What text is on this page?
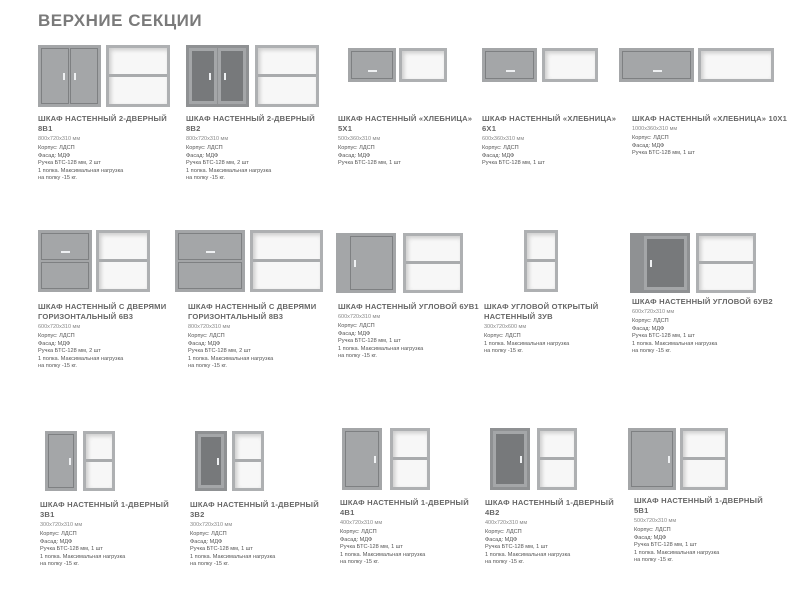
ВЕРХНИЕ СЕКЦИИ
ШКАФ НАСТЕННЫЙ 2-ДВЕРНЫЙ 8В1
800х720х310 мм
Корпус: ЛДСП
Фасад: МДФ
Ручка БТС-128 мм, 2 шт
1 полка. Максимальная нагрузка
на полку -15 кг.
ШКАФ НАСТЕННЫЙ 2-ДВЕРНЫЙ 8В2
800х720х310 мм
Корпус: ЛДСП
Фасад: МДФ
Ручка БТС-128 мм, 2 шт
1 полка. Максимальная нагрузка
на полку -15 кг.
ШКАФ НАСТЕННЫЙ «ХЛЕБНИЦА» 5Х1
500х360х310 мм
Корпус: ЛДСП
Фасад: МДФ
Ручка БТС-128 мм, 1 шт
ШКАФ НАСТЕННЫЙ «ХЛЕБНИЦА» 6Х1
600х360х310 мм
Корпус: ЛДСП
Фасад: МДФ
Ручка БТС-128 мм, 1 шт
ШКАФ НАСТЕННЫЙ «ХЛЕБНИЦА» 10Х1
1000х360х310 мм
Корпус: ЛДСП
Фасад: МДФ
Ручка БТС-128 мм, 1 шт
ШКАФ НАСТЕННЫЙ С ДВЕРЯМИ ГОРИЗОНТАЛЬНЫЙ 6В3
600х720х310 мм
Корпус: ЛДСП
Фасад: МДФ
Ручка БТС-128 мм, 2 шт
1 полка. Максимальная нагрузка
на полку -15 кг.
ШКАФ НАСТЕННЫЙ С ДВЕРЯМИ ГОРИЗОНТАЛЬНЫЙ 8В3
800х720х310 мм
Корпус: ЛДСП
Фасад: МДФ
Ручка БТС-128 мм, 2 шт
1 полка. Максимальная нагрузка
на полку -15 кг.
ШКАФ НАСТЕННЫЙ УГЛОВОЙ 6УВ1
600х720х310 мм
Корпус: ЛДСП
Фасад: МДФ
Ручка БТС-128 мм, 1 шт
1 полка. Максимальная нагрузка
на полку -15 кг.
ШКАФ УГЛОВОЙ ОТКРЫТЫЙ НАСТЕННЫЙ 3УВ
300х720х600 мм
Корпус: ЛДСП
1 полка. Максимальная нагрузка
на полку -15 кг.
ШКАФ НАСТЕННЫЙ УГЛОВОЙ 6УВ2
600х720х310 мм
Корпус: ЛДСП
Фасад: МДФ
Ручка БТС-128 мм, 1 шт
1 полка. Максимальная нагрузка
на полку -15 кг.
ШКАФ НАСТЕННЫЙ 1-ДВЕРНЫЙ 3В1
300х720х310 мм
Корпус: ЛДСП
Фасад: МДФ
Ручка БТС-128 мм, 1 шт
1 полка. Максимальная нагрузка
на полку -15 кг.
ШКАФ НАСТЕННЫЙ 1-ДВЕРНЫЙ 3В2
300х720х310 мм
Корпус: ЛДСП
Фасад: МДФ
Ручка БТС-128 мм, 1 шт
1 полка. Максимальная нагрузка
на полку -15 кг.
ШКАФ НАСТЕННЫЙ 1-ДВЕРНЫЙ 4В1
400х720х310 мм
Корпус: ЛДСП
Фасад: МДФ
Ручка БТС-128 мм, 1 шт
1 полка. Максимальная нагрузка
на полку -15 кг.
ШКАФ НАСТЕННЫЙ 1-ДВЕРНЫЙ 4В2
400х720х310 мм
Корпус: ЛДСП
Фасад: МДФ
Ручка БТС-128 мм, 1 шт
1 полка. Максимальная нагрузка
на полку -15 кг.
ШКАФ НАСТЕННЫЙ 1-ДВЕРНЫЙ 5В1
500х720х310 мм
Корпус: ЛДСП
Фасад: МДФ
Ручка БТС-128 мм, 1 шт
1 полка. Максимальная нагрузка
на полку -15 кг.
